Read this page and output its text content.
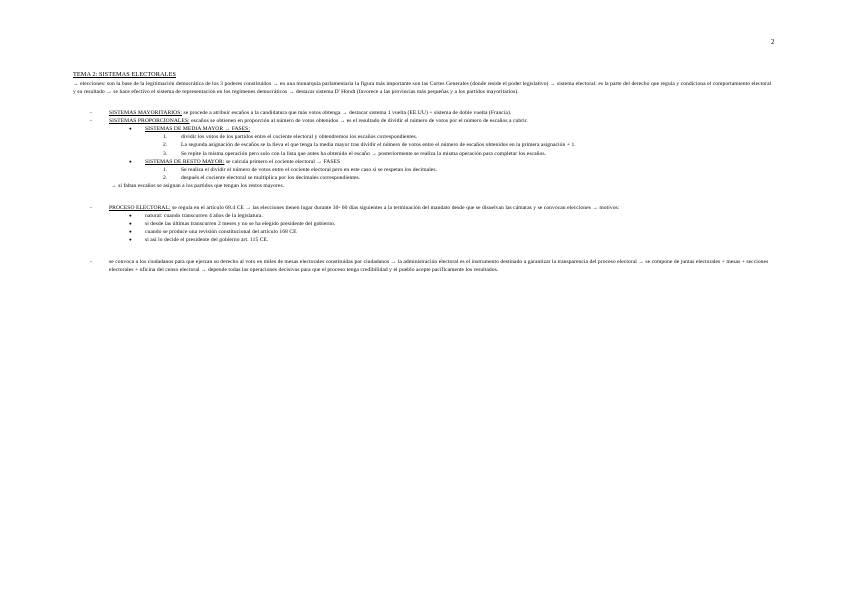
2
TEMA 2: SISTEMAS ELECTORALES
→ elecciones: son la base de la legitimación democrática de los 3 poderes constituidos → en una monarquía parlamentaria la figura más importante son las Cortes Generales (donde reside el poder legislativo) → sistema electoral: es la parte del derecho que regula y condiciona el comportamiento electoral y su resultado → se hace efectivo el sistema de representación en los regímenes democráticos → destacar sistema D' Hondt (favorece a las provincias más pequeñas y a los partidos mayoritarios).
- SISTEMAS MAYORITARIOS: se procede a atribuir escaños a la candidatura que más votos obtenga → destacar sistema 1 vuelta (EE.UU) + sistema de doble vuelta (Francia).
- SISTEMAS PROPORCIONALES: escaños se obtienen en proporción al número de votos obtenidos → es el resultado de dividir el número de votos por el número de escaños a cubrir.
● SISTEMAS DE MEDIA MAYOR → FASES:
1. dividir los votos de los partidos entre el cociente electoral y obtendremos los escaños correspondientes.
2. La segunda asignación de escaños se la lleva el que tenga la media mayor tras dividir el número de votos entre el número de escaños obtenidos en la primera asignación + 1.
3. Se repite la misma operación pero solo con la lista que antes ha obtenido el escaño → posteriormente se realiza la misma operación para completar los escaños.
● SISTEMAS DE RESTO MAYOR: se calcula primero el cociente electoral → FASES
1. Se realiza el dividir el número de votos entre el cociente electoral pero en este caso si se respetan los decimales.
2. después el cociente electoral se multiplica por los decimales correspondientes.
→ si faltan escaños se asignan a los partidos que tengan los restos mayores.
- PROCESO ELECTORAL: se regula en el artículo 68.4 CE → las elecciones tienen lugar durante 30- 60 días siguientes a la terminación del mandato desde que se disuelvan las cámaras y se convocan elecciones → motivos:
● natural: cuando transcurren 4 años de la legislatura.
● si desde las últimas transcurren 2 meses y no se ha elegido presidente del gobierno.
● cuando se produce una revisión constitucional del artículo 168 CE
● si así lo decide el presidente del gobierno art. 115 CE.
- se convoca a los ciudadanos para que ejerzan su derecho al voto en miles de mesas electorales constituidas por ciudadanos → la administración electoral es el instrumento destinado a garantizar la transparencia del proceso electoral → se compone de juntas electorales + mesas + secciones electorales + oficina del censo electoral → depende todas las operaciones decisivas para que el proceso tenga credibilidad y el pueblo acepte pacíficamente los resultados.
